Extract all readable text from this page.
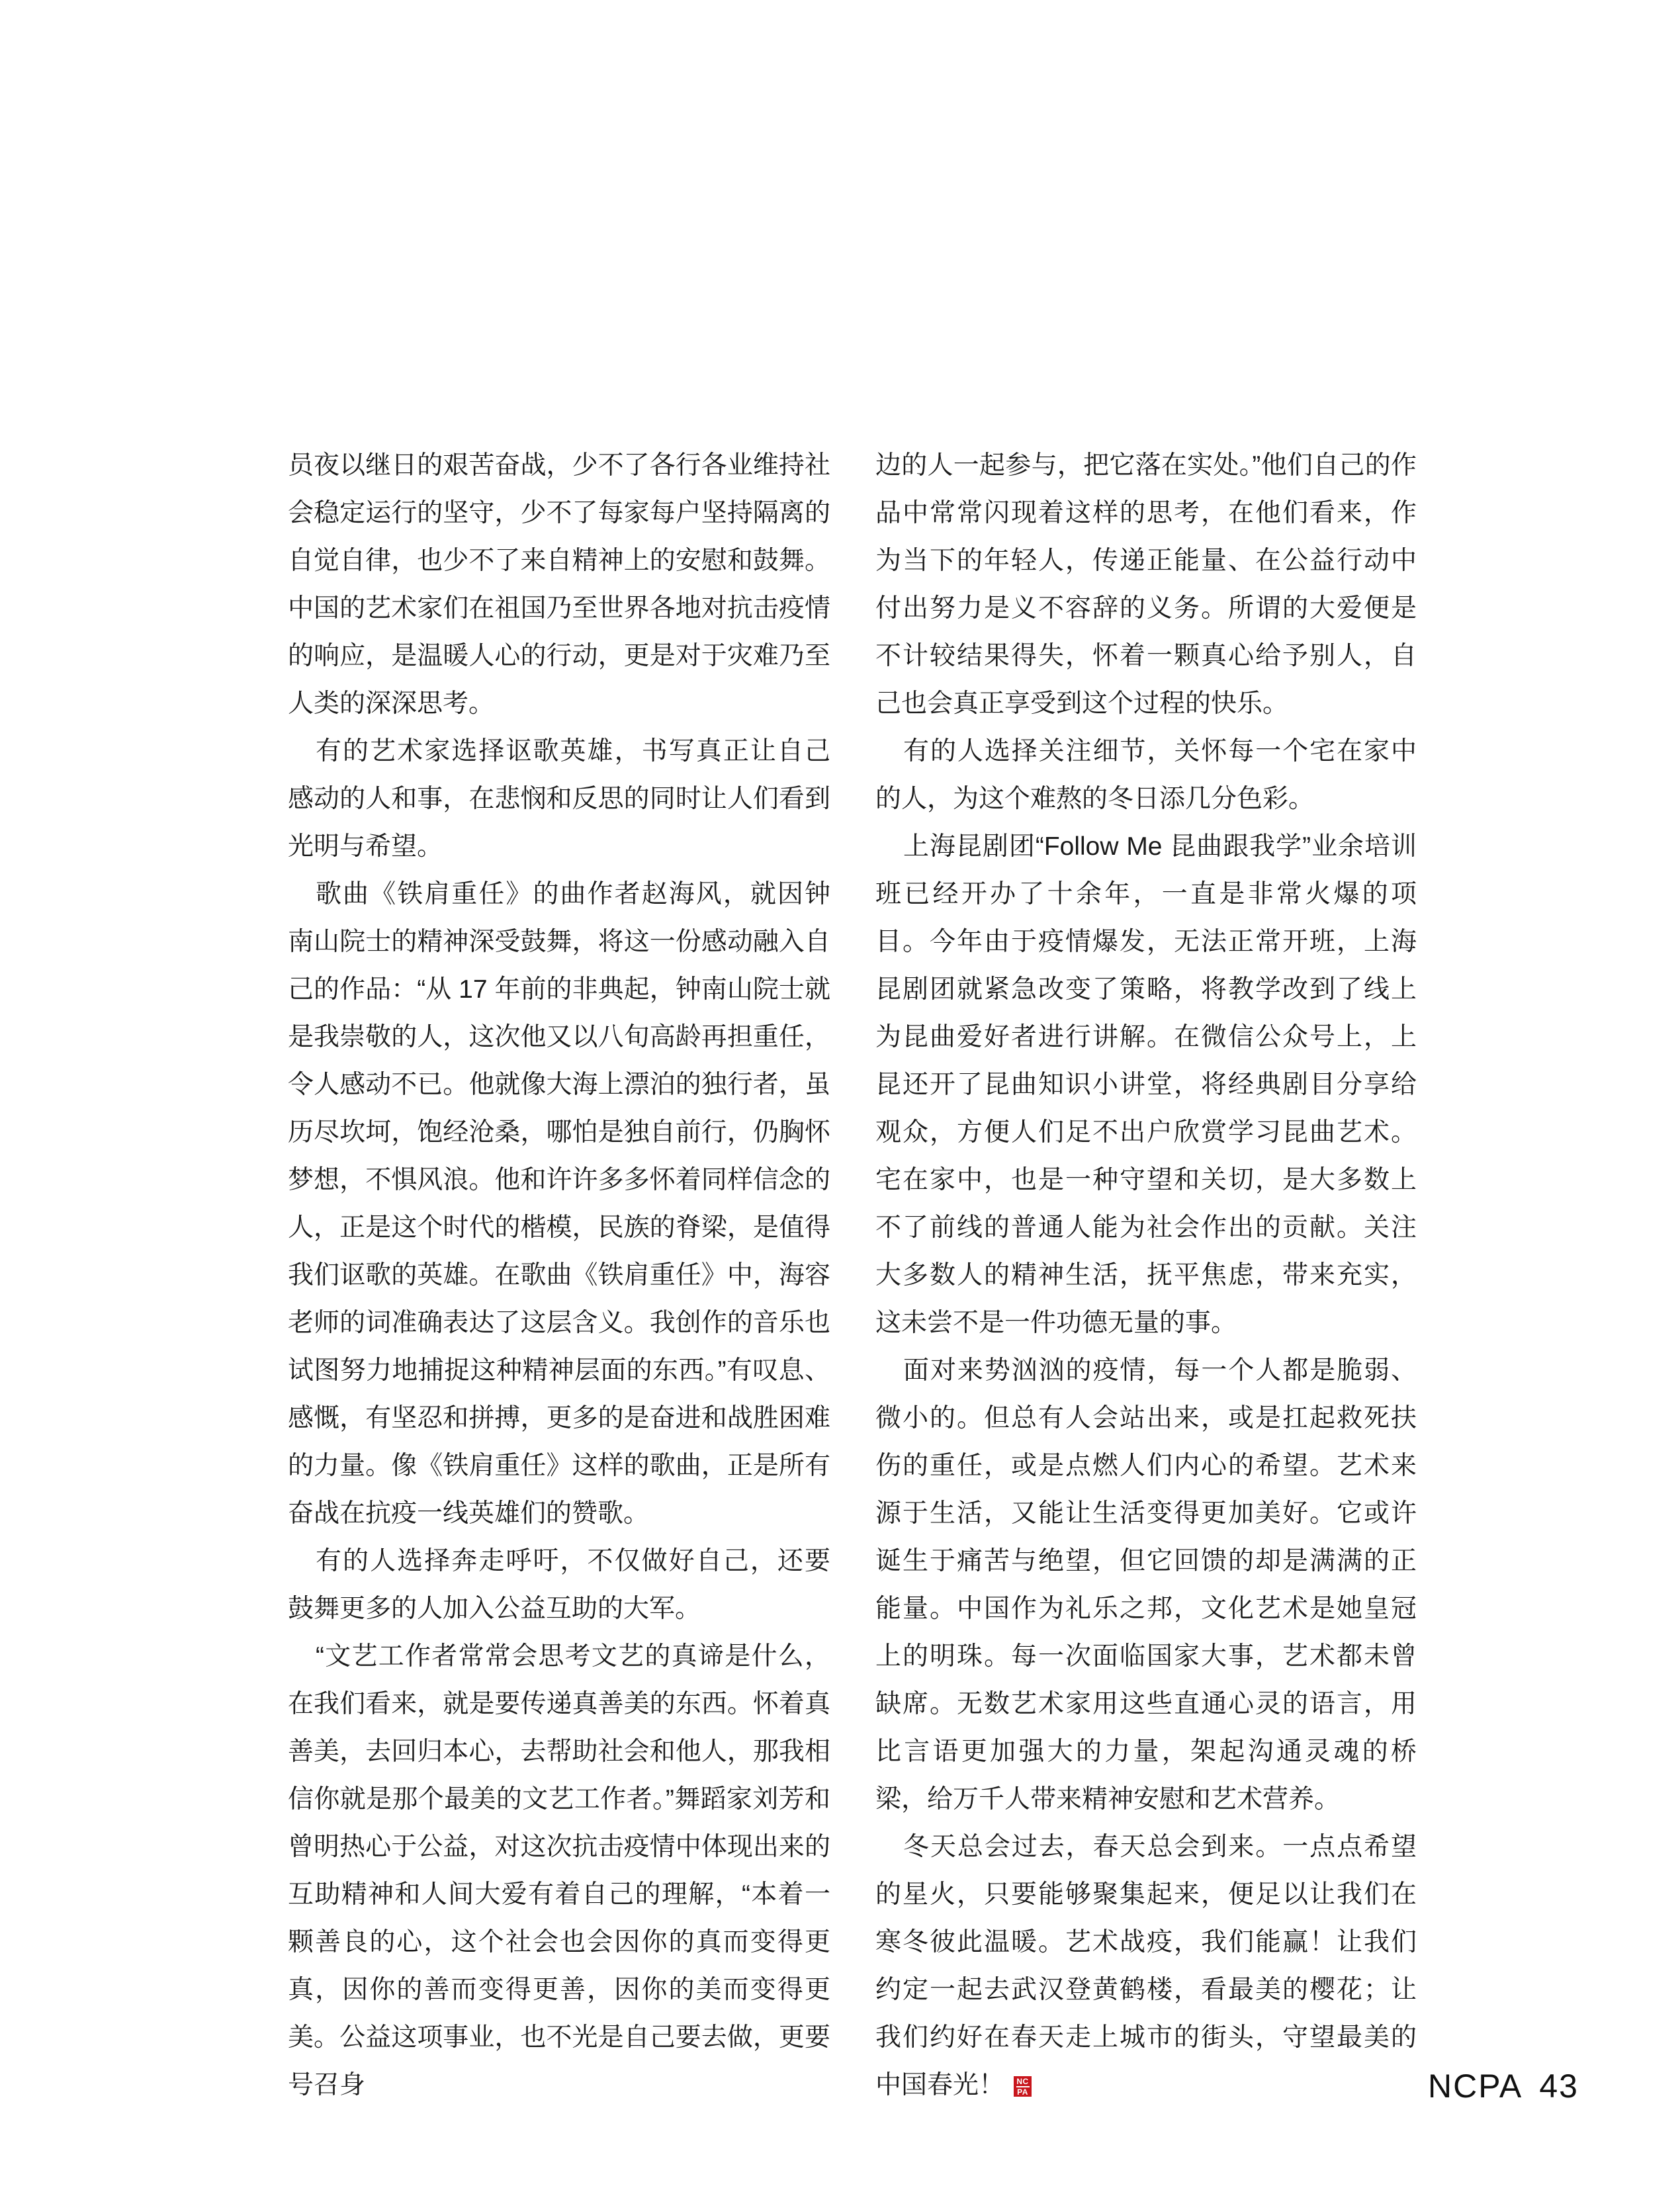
员夜以继日的艰苦奋战，少不了各行各业维持社会稳定运行的坚守，少不了每家每户坚持隔离的自觉自律，也少不了来自精神上的安慰和鼓舞。中国的艺术家们在祖国乃至世界各地对抗击疫情的响应，是温暖人心的行动，更是对于灾难乃至人类的深深思考。

有的艺术家选择讴歌英雄，书写真正让自己感动的人和事，在悲悯和反思的同时让人们看到光明与希望。

歌曲《铁肩重任》的曲作者赵海风，就因钟南山院士的精神深受鼓舞，将这一份感动融入自己的作品：“从 17 年前的非典起，钟南山院士就是我崇敬的人，这次他又以八旬高龄再担重任，令人感动不已。他就像大海上漂泊的独行者，虽历尽坎坷，饱经沧桑，哪怕是独自前行，仍胸怀梦想，不惧风浪。他和许许多多怀着同样信念的人，正是这个时代的楷模，民族的脊梁，是值得我们讴歌的英雄。在歌曲《铁肩重任》中，海容老师的词准确表达了这层含义。我创作的音乐也试图努力地捕捉这种精神层面的东西。”有叹息、感慨，有坚忍和拼搏，更多的是奋进和战胜困难的力量。像《铁肩重任》这样的歌曲，正是所有奋战在抗疫一线英雄们的赞歌。

有的人选择奔走呼吁，不仅做好自己，还要鼓舞更多的人加入公益互助的大军。

“文艺工作者常常会思考文艺的真谛是什么，在我们看来，就是要传递真善美的东西。怀着真善美，去回归本心，去帮助社会和他人，那我相信你就是那个最美的文艺工作者。”舞蹈家刘芳和曾明热心于公益，对这次抗击疫情中体现出来的互助精神和人间大爱有着自己的理解，“本着一颗善良的心，这个社会也会因你的真而变得更真，因你的善而变得更善，因你的美而变得更美。公益这项事业，也不光是自己要去做，更要号召身

边的人一起参与，把它落在实处。”他们自己的作品中常常闪现着这样的思考，在他们看来，作为当下的年轻人，传递正能量、在公益行动中付出努力是义不容辞的义务。所谓的大爱便是不计较结果得失，怀着一颗真心给予别人，自己也会真正享受到这个过程的快乐。

有的人选择关注细节，关怀每一个宅在家中的人，为这个难熬的冬日添几分色彩。

上海昆剧团“Follow Me 昆曲跟我学”业余培训班已经开办了十余年，一直是非常火爆的项目。今年由于疫情爆发，无法正常开班，上海昆剧团就紧急改变了策略，将教学改到了线上为昆曲爱好者进行讲解。在微信公众号上，上昆还开了昆曲知识小讲堂，将经典剧目分享给观众，方便人们足不出户欣赏学习昆曲艺术。宅在家中，也是一种守望和关切，是大多数上不了前线的普通人能为社会作出的贡献。关注大多数人的精神生活，抚平焦虑，带来充实，这未尝不是一件功德无量的事。

面对来势汹汹的疫情，每一个人都是脆弱、微小的。但总有人会站出来，或是扛起救死扶伤的重任，或是点燃人们内心的希望。艺术来源于生活，又能让生活变得更加美好。它或许诞生于痛苦与绝望，但它回馈的却是满满的正能量。中国作为礼乐之邦，文化艺术是她皇冠上的明珠。每一次面临国家大事，艺术都未曾缺席。无数艺术家用这些直通心灵的语言，用比言语更加强大的力量，架起沟通灵魂的桥梁，给万千人带来精神安慰和艺术营养。

冬天总会过去，春天总会到来。一点点希望的星火，只要能够聚集起来，便足以让我们在寒冬彼此温暖。艺术战疫，我们能赢！让我们约定一起去武汉登黄鹤楼，看最美的樱花；让我们约好在春天走上城市的街头，守望最美的中国春光！ $\frac{NC}{PA}$	NCPA 43
